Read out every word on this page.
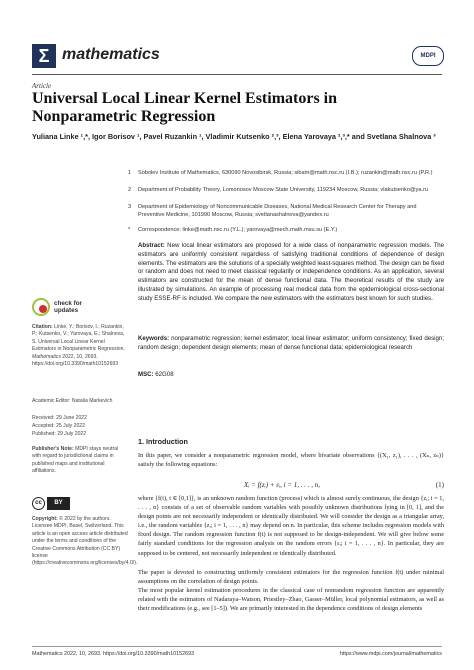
Σ mathematics	MDPI
Article
Universal Local Linear Kernel Estimators in Nonparametric Regression
Yuliana Linke ¹,*, Igor Borisov ¹, Pavel Ruzankin ¹, Vladimir Kutsenko ²,³, Elena Yarovaya ²,³,* and Svetlana Shalnova ³
1 Sobolev Institute of Mathematics, 630090 Novosibirsk, Russia; sibam@math.nsc.ru (I.B.); ruzankin@math.nsc.ru (P.R.)
2 Department of Probability Theory, Lomonosov Moscow State University, 119234 Moscow, Russia; vlakutsenko@ya.ru
3 Department of Epidemiology of Noncommunicable Diseases, National Medical Research Center for Therapy and Preventive Medicine, 101990 Moscow, Russia; svetlanashalnova@yandex.ru
* Correspondence: linke@math.nsc.ru (Y.L.); yarovaya@mech.math.msu.su (E.Y.)
Abstract: New local linear estimators are proposed for a wide class of nonparametric regression models. The estimators are uniformly consistent regardless of satisfying traditional conditions of dependence of design elements. The estimators are the solutions of a specially weighted least-squares method. The design can be fixed or random and does not need to meet classical regularity or independence conditions. As an application, several estimators are constructed for the mean of dense functional data. The theoretical results of the study are illustrated by simulations. An example of processing real medical data from the epidemiological cross-sectional study ESSE-RF is included. We compare the new estimators with the estimators best known for such studies.
Keywords: nonparametric regression; kernel estimator; local linear estimator; uniform consistency; fixed design; random design; dependent design elements; mean of dense functional data; epidemiological research
MSC: 62G08
check for updates
Citation: Linke, Y.; Borisov, I.; Ruzankin, P.; Kutsenko, V.; Yarovaya, E.; Shalnova, S. Universal Local Linear Kernel Estimators in Nonparametric Regression. Mathematics 2022, 10, 2693. https://doi.org/10.3390/math10152693
Academic Editor: Natalia Markevich
Received: 29 June 2022
Accepted: 25 July 2022
Published: 29 July 2022
Publisher's Note: MDPI stays neutral with regard to jurisdictional claims in published maps and institutional affiliations.
cc	BY
Copyright: © 2022 by the authors. Licensee MDPI, Basel, Switzerland. This article is an open access article distributed under the terms and conditions of the Creative Commons Attribution (CC BY) license (https://creativecommons.org/licenses/by/4.0/).
1. Introduction
In this paper, we consider a nonparametric regression model, where bivariate observations {(X₁, z₁), . . . , (Xₙ, zₙ)} satisfy the following equations:
Xᵢ = f(zᵢ) + εᵢ, i = 1, . . . , n,	(1)
where {f(t), t ∈ [0,1]}, is an unknown random function (process) which is almost surely continuous, the design {zᵢ; i = 1, . . . , n} consists of a set of observable random variables with possibly unknown distributions lying in [0, 1], and the design points are not necessarily independent or identically distributed. We will consider the design as a triangular array, i.e., the random variables {zᵢ; i = 1, . . . , n} may depend on n. In particular, this scheme includes regression models with fixed design. The random regression function f(t) is not supposed to be design-independent. We will give below some fairly standard conditions for the regression analysis on the random errors {εᵢ; i = 1, . . . , n}. In particular, they are supposed to be centered, not necessarily independent or identically distributed.
The paper is devoted to constructing uniformly consistent estimators for the regression function f(t) under minimal assumptions on the correlation of design points.
The most popular kernel estimation procedures in the classical case of nonrandom regression function are apparently related with the estimators of Nadaraya–Watson, Priestley–Zhao, Gasser–Müller, local polynomial estimators, as well as their modifications (e.g., see [1–5]). We are primarily interested in the dependence conditions of design elements
Mathematics 2022, 10, 2693. https://doi.org/10.3390/math10152693	https://www.mdpi.com/journal/mathematics
